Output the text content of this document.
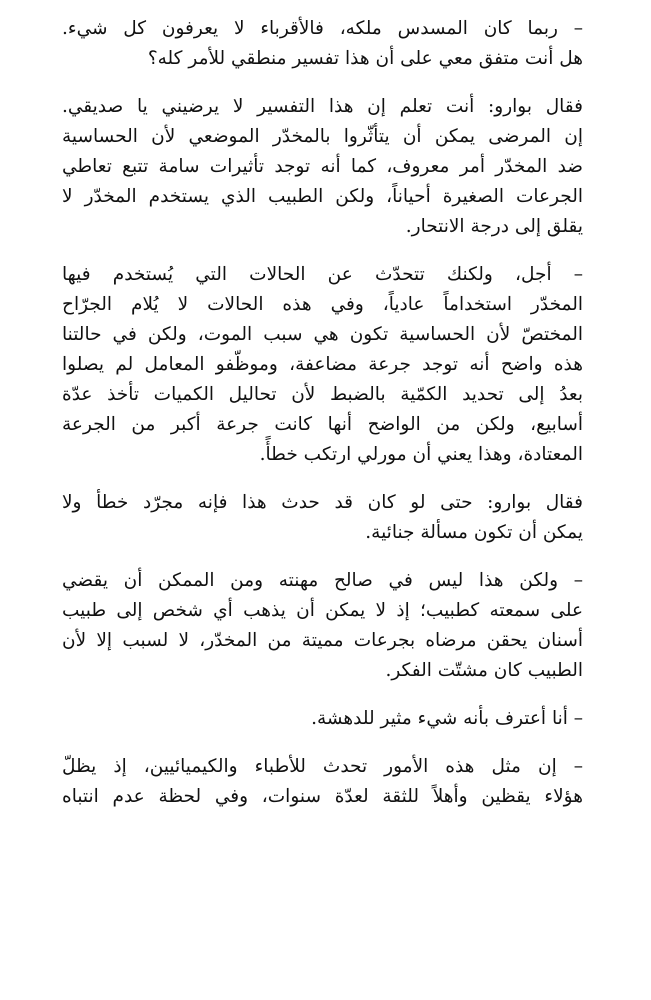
– ربما كان المسدس ملكه، فالأقرباء لا يعرفون كل شيء.
هل أنت متفق معي على أن هذا تفسير منطقي للأمر كله؟

فقال بوارو: أنت تعلم إن هذا التفسير لا يرضيني يا صديقي.
إن المرضى يمكن أن يتأثّروا بالمخدّر الموضعي لأن الحساسية
ضد المخدّر أمر معروف، كما أنه توجد تأثيرات سامة تتبع تعاطي
الجرعات الصغيرة أحياناً، ولكن الطبيب الذي يستخدم المخدّر لا
يقلق إلى درجة الانتحار.

– أجل، ولكنك تتحدّث عن الحالات التي يُستخدم فيها
المخدّر استخداماً عادياً، وفي هذه الحالات لا يُلام الجرّاح
المختصّ لأن الحساسية تكون هي سبب الموت، ولكن في حالتنا
هذه واضح أنه توجد جرعة مضاعفة، وموظّفو المعامل لم يصلوا
بعدُ إلى تحديد الكمّية بالضبط لأن تحاليل الكميات تأخذ عدّة
أسابيع، ولكن من الواضح أنها كانت جرعة أكبر من الجرعة
المعتادة، وهذا يعني أن مورلي ارتكب خطأً.

فقال بوارو: حتى لو كان قد حدث هذا فإنه مجرّد خطأ ولا
يمكن أن تكون مسألة جنائية.

– ولكن هذا ليس في صالح مهنته ومن الممكن أن يقضي
على سمعته كطبيب؛ إذ لا يمكن أن يذهب أي شخص إلى طبيب
أسنان يحقن مرضاه بجرعات مميتة من المخدّر، لا لسبب إلا لأن
الطبيب كان مشتّت الفكر.

– أنا أعترف بأنه شيء مثير للدهشة.

– إن مثل هذه الأمور تحدث للأطباء والكيميائيين، إذ يظلّ
هؤلاء يقظين وأهلاً للثقة لعدّة سنوات، وفي لحظة عدم انتباه
